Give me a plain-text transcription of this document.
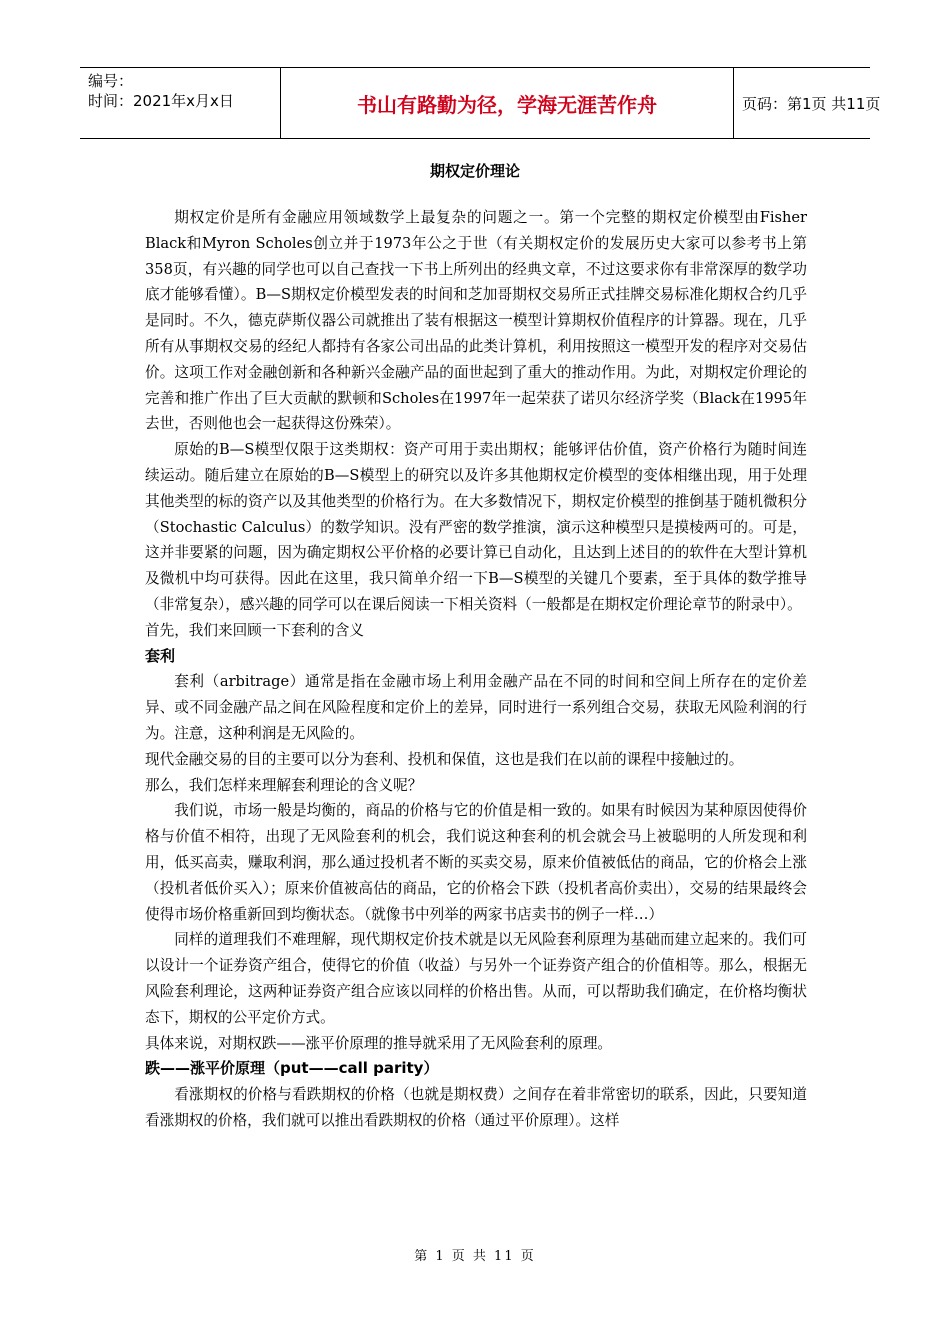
编号：
时间：2021年x月x日	书山有路勤为径，学海无涯苦作舟	页码：第1页 共11页
期权定价理论

期权定价是所有金融应用领域数学上最复杂的问题之一。第一个完整的期权定价模型由Fisher Black和Myron Scholes创立并于1973年公之于世（有关期权定价的发展历史大家可以参考书上第358页，有兴趣的同学也可以自己查找一下书上所列出的经典文章，不过这要求你有非常深厚的数学功底才能够看懂）。B—S期权定价模型发表的时间和芝加哥期权交易所正式挂牌交易标准化期权合约几乎是同时。不久，德克萨斯仪器公司就推出了装有根据这一模型计算期权价值程序的计算器。现在，几乎所有从事期权交易的经纪人都持有各家公司出品的此类计算机，利用按照这一模型开发的程序对交易估价。这项工作对金融创新和各种新兴金融产品的面世起到了重大的推动作用。为此，对期权定价理论的完善和推广作出了巨大贡献的默顿和Scholes在1997年一起荣获了诺贝尔经济学奖（Black在1995年去世，否则他也会一起获得这份殊荣）。

原始的B—S模型仅限于这类期权：资产可用于卖出期权；能够评估价值，资产价格行为随时间连续运动。随后建立在原始的B—S模型上的研究以及许多其他期权定价模型的变体相继出现，用于处理其他类型的标的资产以及其他类型的价格行为。在大多数情况下，期权定价模型的推倒基于随机微积分（Stochastic Calculus）的数学知识。没有严密的数学推演，演示这种模型只是摸棱两可的。可是，这并非要紧的问题，因为确定期权公平价格的必要计算已自动化，且达到上述目的的软件在大型计算机及微机中均可获得。因此在这里，我只简单介绍一下B—S模型的关键几个要素，至于具体的数学推导（非常复杂），感兴趣的同学可以在课后阅读一下相关资料（一般都是在期权定价理论章节的附录中）。

首先，我们来回顾一下套利的含义

套利

套利（arbitrage）通常是指在金融市场上利用金融产品在不同的时间和空间上所存在的定价差异、或不同金融产品之间在风险程度和定价上的差异，同时进行一系列组合交易，获取无风险利润的行为。注意，这种利润是无风险的。

现代金融交易的目的主要可以分为套利、投机和保值，这也是我们在以前的课程中接触过的。

那么，我们怎样来理解套利理论的含义呢？

我们说，市场一般是均衡的，商品的价格与它的价值是相一致的。如果有时候因为某种原因使得价格与价值不相符，出现了无风险套利的机会，我们说这种套利的机会就会马上被聪明的人所发现和利用，低买高卖，赚取利润，那么通过投机者不断的买卖交易，原来价值被低估的商品，它的价格会上涨（投机者低价买入）；原来价值被高估的商品，它的价格会下跌（投机者高价卖出），交易的结果最终会使得市场价格重新回到均衡状态。（就像书中列举的两家书店卖书的例子一样…）

同样的道理我们不难理解，现代期权定价技术就是以无风险套利原理为基础而建立起来的。我们可以设计一个证券资产组合，使得它的价值（收益）与另外一个证券资产组合的价值相等。那么，根据无风险套利理论，这两种证券资产组合应该以同样的价格出售。从而，可以帮助我们确定，在价格均衡状态下，期权的公平定价方式。

具体来说，对期权跌——涨平价原理的推导就采用了无风险套利的原理。

跌——涨平价原理（put——call parity）

看涨期权的价格与看跌期权的价格（也就是期权费）之间存在着非常密切的联系，因此，只要知道看涨期权的价格，我们就可以推出看跌期权的价格（通过平价原理）。这样

第 1 页 共 11 页
